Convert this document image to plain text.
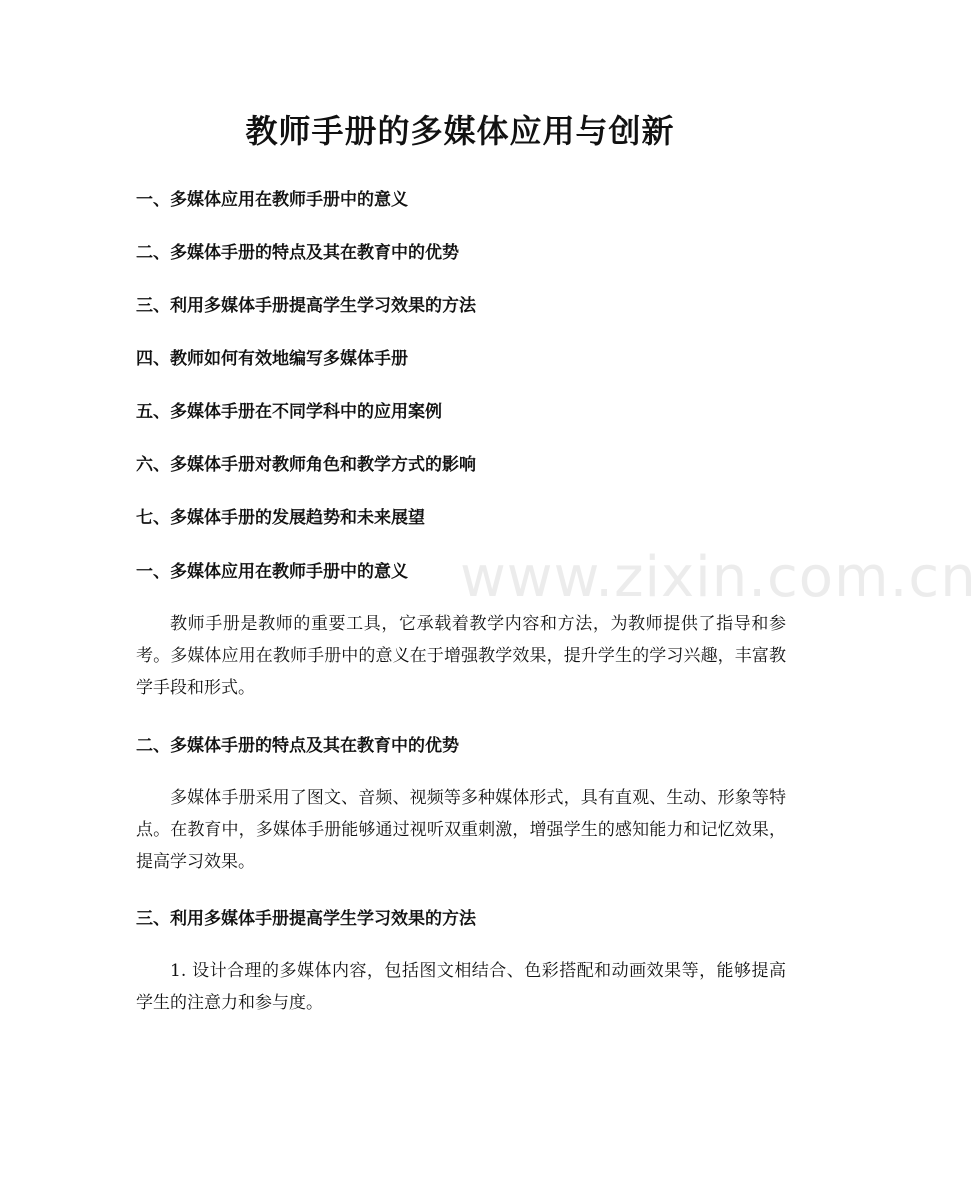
教师手册的多媒体应用与创新
一、多媒体应用在教师手册中的意义
二、多媒体手册的特点及其在教育中的优势
三、利用多媒体手册提高学生学习效果的方法
四、教师如何有效地编写多媒体手册
五、多媒体手册在不同学科中的应用案例
六、多媒体手册对教师角色和教学方式的影响
七、多媒体手册的发展趋势和未来展望
一、多媒体应用在教师手册中的意义

教师手册是教师的重要工具，它承载着教学内容和方法，为教师提供了指导和参考。多媒体应用在教师手册中的意义在于增强教学效果，提升学生的学习兴趣，丰富教学手段和形式。

二、多媒体手册的特点及其在教育中的优势

多媒体手册采用了图文、音频、视频等多种媒体形式，具有直观、生动、形象等特点。在教育中，多媒体手册能够通过视听双重刺激，增强学生的感知能力和记忆效果，提高学习效果。

三、利用多媒体手册提高学生学习效果的方法

1. 设计合理的多媒体内容，包括图文相结合、色彩搭配和动画效果等，能够提高学生的注意力和参与度。

www.zixin.com.cn
